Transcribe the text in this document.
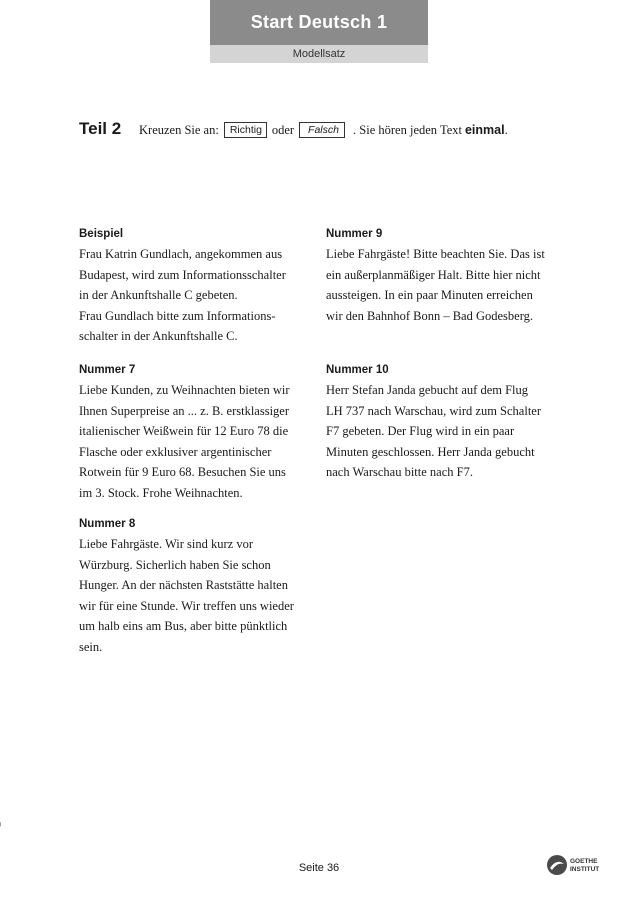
Start Deutsch 1
Modellsatz
Teil 2 Kreuzen Sie an:	Richtig oder	Falsch	. Sie hören jeden Text einmal .
Beispiel
Frau Katrin Gundlach, angekommen aus
Budapest, wird zum Informationsschalter
in der Ankunftshalle C gebeten.
Frau Gundlach bitte zum Informations-
schalter in der Ankunftshalle C.
Nummer 7
Liebe Kunden, zu Weihnachten bieten wir
Ihnen Superpreise an ... z. B. erstklassiger
italienischer Weißwein für 12 Euro 78 die
Flasche oder exklusiver argentinischer
Rotwein für 9 Euro 68. Besuchen Sie uns
im 3. Stock. Frohe Weihnachten.
Nummer 8
Liebe Fahrgäste. Wir sind kurz vor
Würzburg. Sicherlich haben Sie schon
Hunger. An der nächsten Raststätte halten
wir für eine Stunde. Wir treffen uns wieder
um halb eins am Bus, aber bitte pünktlich
sein.
Nummer 9
Liebe Fahrgäste! Bitte beachten Sie. Das ist
ein außerplanmäßiger Halt. Bitte hier nicht
aussteigen. In ein paar Minuten erreichen
wir den Bahnhof Bonn – Bad Godesberg.
Nummer 10
Herr Stefan Janda gebucht auf dem Flug
LH 737 nach Warschau, wird zum Schalter
F7 gebeten. Der Flug wird in ein paar
Minuten geschlossen. Herr Janda gebucht
nach Warschau bitte nach F7.
Seite 36
GOETHE
INSTITUT
